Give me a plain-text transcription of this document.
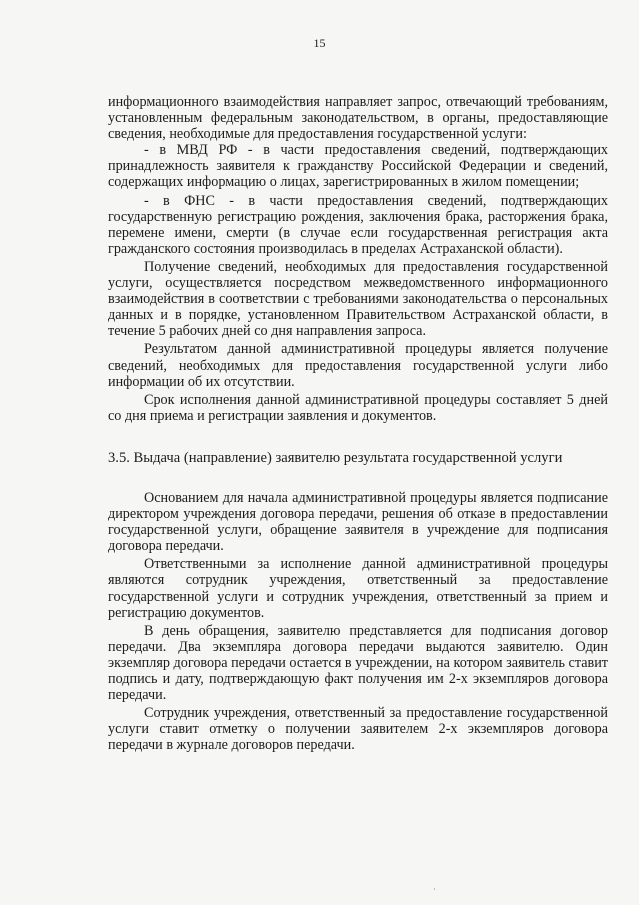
15

информационного взаимодействия направляет запрос, отвечающий требованиям, установленным федеральным законодательством, в органы, предоставляющие сведения, необходимые для предоставления государственной услуги:

- в МВД РФ - в части предоставления сведений, подтверждающих принадлежность заявителя к гражданству Российской Федерации и сведений, содержащих информацию о лицах, зарегистрированных в жилом помещении;

- в ФНС - в части предоставления сведений, подтверждающих государственную регистрацию рождения, заключения брака, расторжения брака, перемене имени, смерти (в случае если государственная регистрация акта гражданского состояния производилась в пределах Астраханской области).

Получение сведений, необходимых для предоставления государственной услуги, осуществляется посредством межведомственного информационного взаимодействия в соответствии с требованиями законодательства о персональных данных и в порядке, установленном Правительством Астраханской области, в течение 5 рабочих дней со дня направления запроса.

Результатом данной административной процедуры является получение сведений, необходимых для предоставления государственной услуги либо информации об их отсутствии.

Срок исполнения данной административной процедуры составляет 5 дней со дня приема и регистрации заявления и документов.

3.5. Выдача (направление) заявителю результата государственной услуги

Основанием для начала административной процедуры является подписание директором учреждения договора передачи, решения об отказе в предоставлении государственной услуги, обращение заявителя в учреждение для подписания договора передачи.

Ответственными за исполнение данной административной процедуры являются сотрудник учреждения, ответственный за предоставление государственной услуги и сотрудник учреждения, ответственный за прием и регистрацию документов.

В день обращения, заявителю представляется для подписания договор передачи. Два экземпляра договора передачи выдаются заявителю. Один экземпляр договора передачи остается в учреждении, на котором заявитель ставит подпись и дату, подтверждающую факт получения им 2-х экземпляров договора передачи.

Сотрудник учреждения, ответственный за предоставление государственной услуги ставит отметку о получении заявителем 2-х экземпляров договора передачи в журнале договоров передачи.

·
